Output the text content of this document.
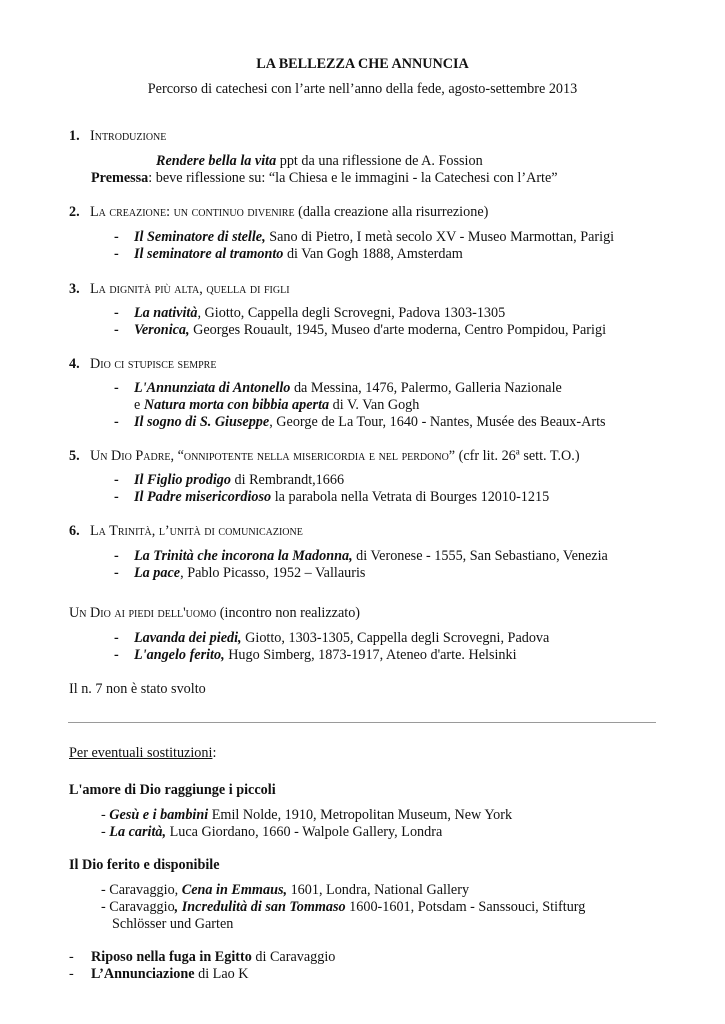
LA BELLEZZA CHE ANNUNCIA
Percorso di catechesi con l’arte nell’anno della fede, agosto-settembre 2013
1. Introduzione
Rendere bella la vita ppt da una riflessione de A. Fossion
Premessa: beve riflessione su: “la Chiesa e le immagini - la Catechesi con l’Arte”
2. La creazione: un continuo divenire (dalla creazione alla risurrezione)
- Il Seminatore di stelle, Sano di Pietro, I metà secolo XV - Museo Marmottan, Parigi
- Il seminatore al tramonto di Van Gogh 1888, Amsterdam
3. La dignità più alta, quella di figli
- La natività, Giotto, Cappella degli Scrovegni, Padova 1303-1305
- Veronica, Georges Rouault, 1945, Museo d'arte moderna, Centro Pompidou, Parigi
4. Dio ci stupisce sempre
- L'Annunziata di Antonello da Messina, 1476, Palermo, Galleria Nazionale
e Natura morta con bibbia aperta di V. Van Gogh
- Il sogno di S. Giuseppe, George de La Tour, 1640 - Nantes, Musée des Beaux-Arts
5. Un Dio Padre, “onnipotente nella misericordia e nel perdono” (cfr lit. 26$^a$ sett. T.O.)
- Il Figlio prodigo di Rembrandt,1666
- Il Padre misericordioso la parabola nella Vetrata di Bourges 12010-1215
6. La Trinità, l’unità di comunicazione
- La Trinità che incorona la Madonna, di Veronese - 1555, San Sebastiano, Venezia
- La pace, Pablo Picasso, 1952 – Vallauris
Un Dio ai piedi dell'uomo (incontro non realizzato)
- Lavanda dei piedi, Giotto, 1303-1305, Cappella degli Scrovegni, Padova
- L'angelo ferito, Hugo Simberg, 1873-1917, Ateneo d'arte. Helsinki
Il n. 7 non è stato svolto
Per eventuali sostituzioni:
L'amore di Dio raggiunge i piccoli
- Gesù e i bambini Emil Nolde, 1910, Metropolitan Museum, New York
- La carità, Luca Giordano, 1660 - Walpole Gallery, Londra
Il Dio ferito e disponibile
- Caravaggio, Cena in Emmaus, 1601, Londra, National Gallery
- Caravaggio, Incredulità di san Tommaso 1600-1601, Potsdam - Sanssouci, Stifturg
Schlösser und Garten
- Riposo nella fuga in Egitto di Caravaggio
- L’Annunciazione di Lao K
